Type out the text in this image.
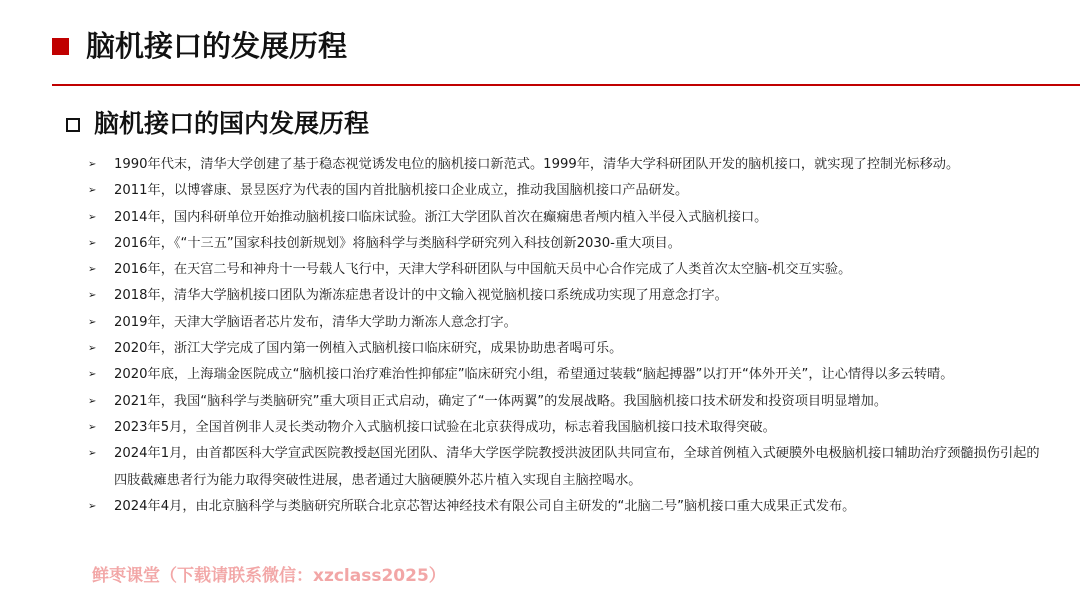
脑机接口的发展历程
脑机接口的国内发展历程
➢ 1990年代末，清华大学创建了基于稳态视觉诱发电位的脑机接口新范式。1999年，清华大学科研团队开发的脑机接口，就实现了控制光标移动。
➢ 2011年，以博睿康、景昱医疗为代表的国内首批脑机接口企业成立，推动我国脑机接口产品研发。
➢ 2014年，国内科研单位开始推动脑机接口临床试验。浙江大学团队首次在癫痫患者颅内植入半侵入式脑机接口。
➢ 2016年，《“十三五”国家科技创新规划》将脑科学与类脑科学研究列入科技创新2030-重大项目。
➢ 2016年，在天宫二号和神舟十一号载人飞行中，天津大学科研团队与中国航天员中心合作完成了人类首次太空脑-机交互实验。
➢ 2018年，清华大学脑机接口团队为渐冻症患者设计的中文输入视觉脑机接口系统成功实现了用意念打字。
➢ 2019年，天津大学脑语者芯片发布，清华大学助力渐冻人意念打字。
➢ 2020年，浙江大学完成了国内第一例植入式脑机接口临床研究，成果协助患者喝可乐。
➢ 2020年底，上海瑞金医院成立“脑机接口治疗难治性抑郁症”临床研究小组，希望通过装载“脑起搏器”以打开“体外开关”，让心情得以多云转晴。
➢ 2021年，我国“脑科学与类脑研究”重大项目正式启动，确定了“一体两翼”的发展战略。我国脑机接口技术研发和投资项目明显增加。
➢ 2023年5月，全国首例非人灵长类动物介入式脑机接口试验在北京获得成功，标志着我国脑机接口技术取得突破。
➢ 2024年1月，由首都医科大学宣武医院教授赵国光团队、清华大学医学院教授洪波团队共同宣布，全球首例植入式硬膜外电极脑机接口辅助治疗颈髓损伤引起的四肢截瘫患者行为能力取得突破性进展，患者通过大脑硬膜外芯片植入实现自主脑控喝水。
➢ 2024年4月，由北京脑科学与类脑研究所联合北京芯智达神经技术有限公司自主研发的“北脑二号”脑机接口重大成果正式发布。
鲜枣课堂（下载请联系微信：xzclass2025）
